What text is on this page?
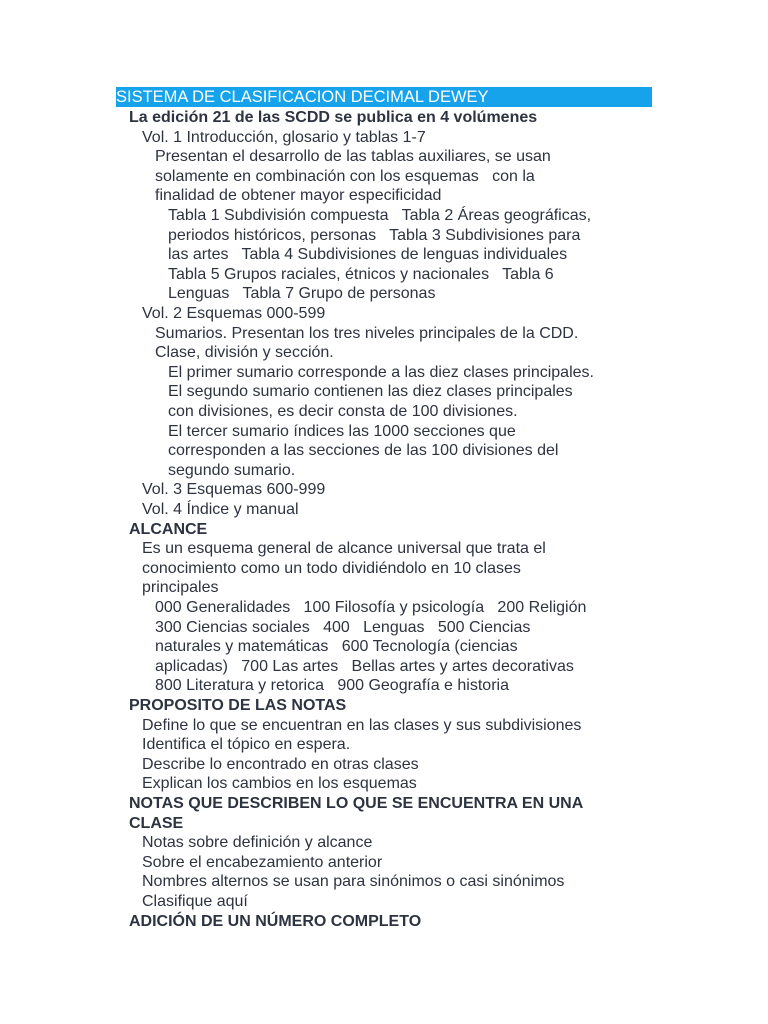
SISTEMA DE CLASIFICACION DECIMAL DEWEY
La edición 21 de las SCDD se publica en 4 volúmenes
Vol. 1 Introducción, glosario y tablas 1-7
Presentan el desarrollo de las tablas auxiliares, se usan
solamente en combinación con los esquemas   con la
finalidad de obtener mayor especificidad
Tabla 1 Subdivisión compuesta   Tabla 2 Áreas geográficas,
periodos históricos, personas   Tabla 3 Subdivisiones para
las artes   Tabla 4 Subdivisiones de lenguas individuales
Tabla 5 Grupos raciales, étnicos y nacionales   Tabla 6
Lenguas   Tabla 7 Grupo de personas
Vol. 2 Esquemas 000-599
Sumarios. Presentan los tres niveles principales de la CDD.
Clase, división y sección.
El primer sumario corresponde a las diez clases principales.
El segundo sumario contienen las diez clases principales
con divisiones, es decir consta de 100 divisiones.
El tercer sumario índices las 1000 secciones que
corresponden a las secciones de las 100 divisiones del
segundo sumario.
Vol. 3 Esquemas 600-999
Vol. 4 Índice y manual
ALCANCE
Es un esquema general de alcance universal que trata el
conocimiento como un todo dividiéndolo en 10 clases
principales
000 Generalidades   100 Filosofía y psicología   200 Religión
300 Ciencias sociales   400   Lenguas   500 Ciencias
naturales y matemáticas   600 Tecnología (ciencias
aplicadas)   700 Las artes   Bellas artes y artes decorativas
800 Literatura y retorica   900 Geografía e historia
PROPOSITO DE LAS NOTAS
Define lo que se encuentran en las clases y sus subdivisiones
Identifica el tópico en espera.
Describe lo encontrado en otras clases
Explican los cambios en los esquemas
NOTAS QUE DESCRIBEN LO QUE SE ENCUENTRA EN UNA
CLASE
Notas sobre definición y alcance
Sobre el encabezamiento anterior
Nombres alternos se usan para sinónimos o casi sinónimos
Clasifique aquí
ADICIÓN DE UN NÚMERO COMPLETO
